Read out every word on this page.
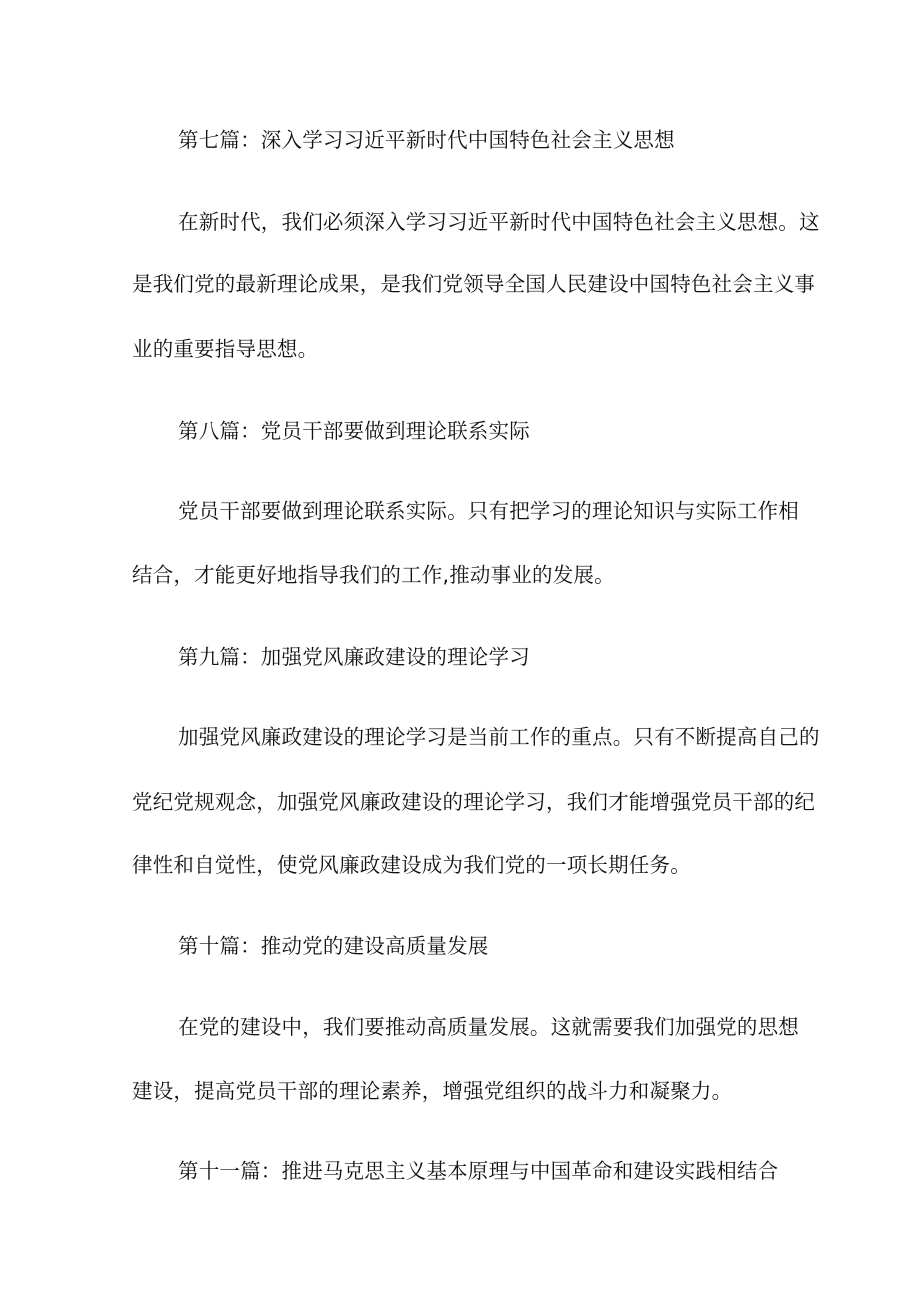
第七篇：深入学习习近平新时代中国特色社会主义思想
在新时代，我们必须深入学习习近平新时代中国特色社会主义思想。这
是我们党的最新理论成果，是我们党领导全国人民建设中国特色社会主义事
业的重要指导思想。
第八篇：党员干部要做到理论联系实际
党员干部要做到理论联系实际。只有把学习的理论知识与实际工作相
结合，才能更好地指导我们的工作,推动事业的发展。
第九篇：加强党风廉政建设的理论学习
加强党风廉政建设的理论学习是当前工作的重点。只有不断提高自己的
党纪党规观念，加强党风廉政建设的理论学习，我们才能增强党员干部的纪
律性和自觉性，使党风廉政建设成为我们党的一项长期任务。
第十篇：推动党的建设高质量发展
在党的建设中，我们要推动高质量发展。这就需要我们加强党的思想
建设，提高党员干部的理论素养，增强党组织的战斗力和凝聚力。
第十一篇：推进马克思主义基本原理与中国革命和建设实践相结合
